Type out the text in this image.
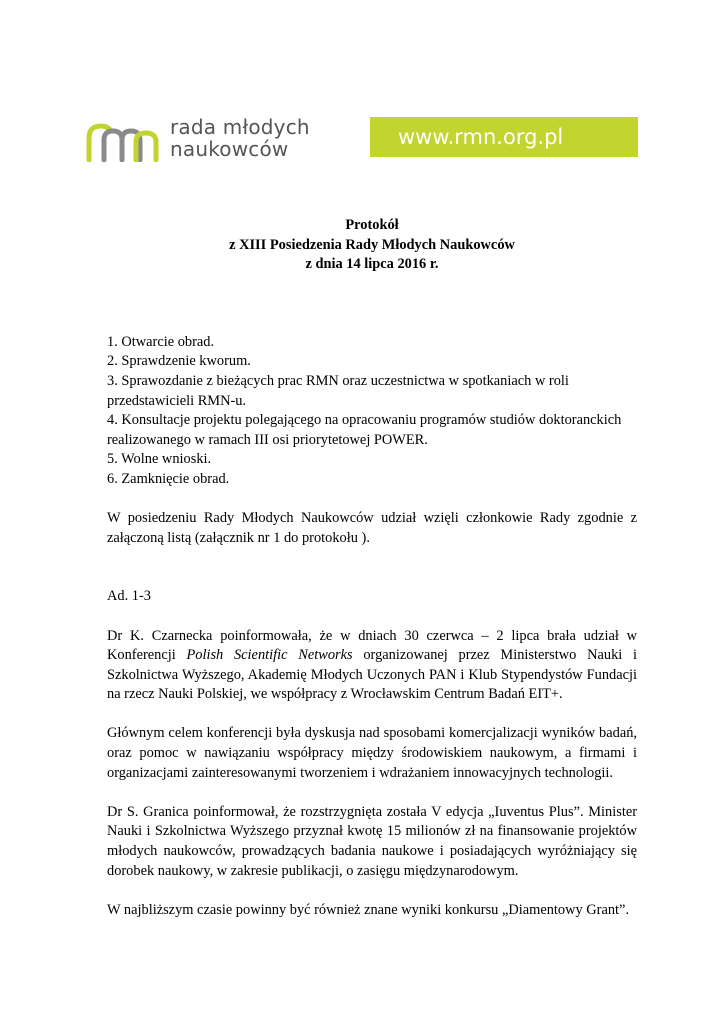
rada młodych
naukowców	www.rmn.org.pl
Protokół
z XIII Posiedzenia Rady Młodych Naukowców
z dnia 14 lipca 2016 r.
1. Otwarcie obrad.
2. Sprawdzenie kworum.
3. Sprawozdanie z bieżących prac RMN oraz uczestnictwa w spotkaniach w roli
przedstawicieli RMN-u.
4. Konsultacje projektu polegającego na opracowaniu programów studiów doktoranckich
realizowanego w ramach III osi priorytetowej POWER.
5. Wolne wnioski.
6. Zamknięcie obrad.
W posiedzeniu Rady Młodych Naukowców udział wzięli członkowie Rady zgodnie z załączoną listą (załącznik nr 1 do protokołu ).
Ad. 1-3
Dr K. Czarnecka poinformowała, że w dniach 30 czerwca – 2 lipca brała udział w Konferencji Polish Scientific Networks organizowanej przez Ministerstwo Nauki i Szkolnictwa Wyższego, Akademię Młodych Uczonych PAN i Klub Stypendystów Fundacji na rzecz Nauki Polskiej, we współpracy z Wrocławskim Centrum Badań EIT+.
Głównym celem konferencji była dyskusja nad sposobami komercjalizacji wyników badań, oraz pomoc w nawiązaniu współpracy między środowiskiem naukowym, a firmami i organizacjami zainteresowanymi tworzeniem i wdrażaniem innowacyjnych technologii.
Dr S. Granica poinformował, że rozstrzygnięta została V edycja „Iuventus Plus”. Minister Nauki i Szkolnictwa Wyższego przyznał kwotę 15 milionów zł na finansowanie projektów młodych naukowców, prowadzących badania naukowe i posiadających wyróżniający się dorobek naukowy, w zakresie publikacji, o zasięgu międzynarodowym.
W najbliższym czasie powinny być również znane wyniki konkursu „Diamentowy Grant”.
